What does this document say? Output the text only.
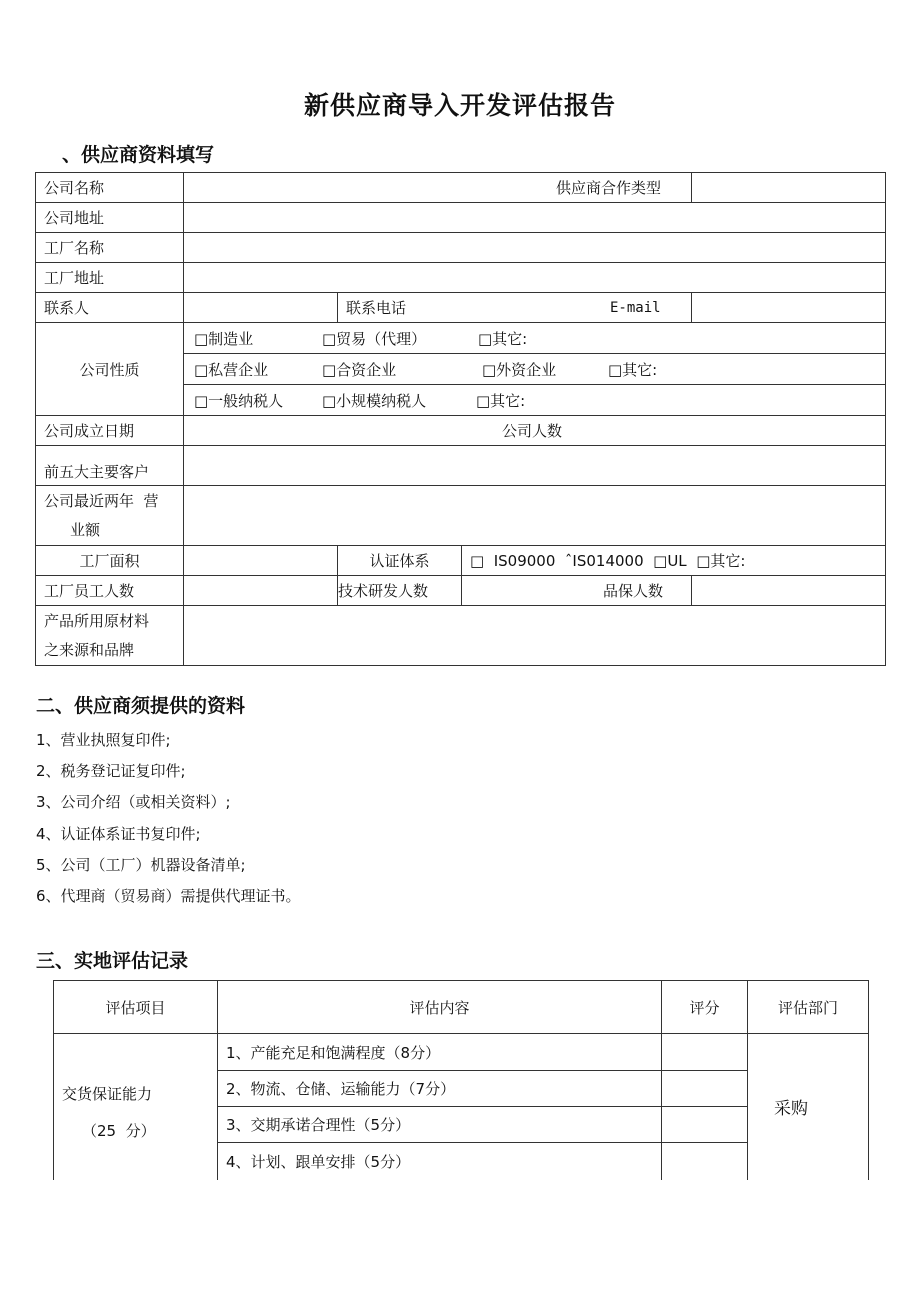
新供应商导入开发评估报告
、供应商资料填写
公司名称	供应商合作类型			
公司地址				
工厂名称				
工厂地址				
联系人		联系电话 E-mail		

公司性质	□制造业 □贸易（代理） □其它:			

	□私营企业 □合资企业 □外资企业 □其它:			

	□一般纳税人 □小规模纳税人 □其它:			

公司成立日期	公司人数			
前五大主要客户				

公司最近两年  营
业额				

工厂面积		认证体系	□  IS09000  ˆIS014000  □UL  □其它:	
工厂员工人数		技术研发人数	品保人数	

产品所用原材料
之来源和品牌				

二、供应商须提供的资料
1、营业执照复印件;
2、税务登记证复印件;
3、公司介绍（或相关资料）;
4、认证体系证书复印件;
5、公司（工厂）机器设备清单;
6、代理商（贸易商）需提供代理证书。
三、实地评估记录
评估项目	评估内容	评分	评估部门

交货保证能力
（25  分）	1、产能充足和饱满程度（8分）		采购
	2、物流、仓储、运输能力（7分）		
	3、交期承诺合理性（5分）		
	4、计划、跟单安排（5分）		
